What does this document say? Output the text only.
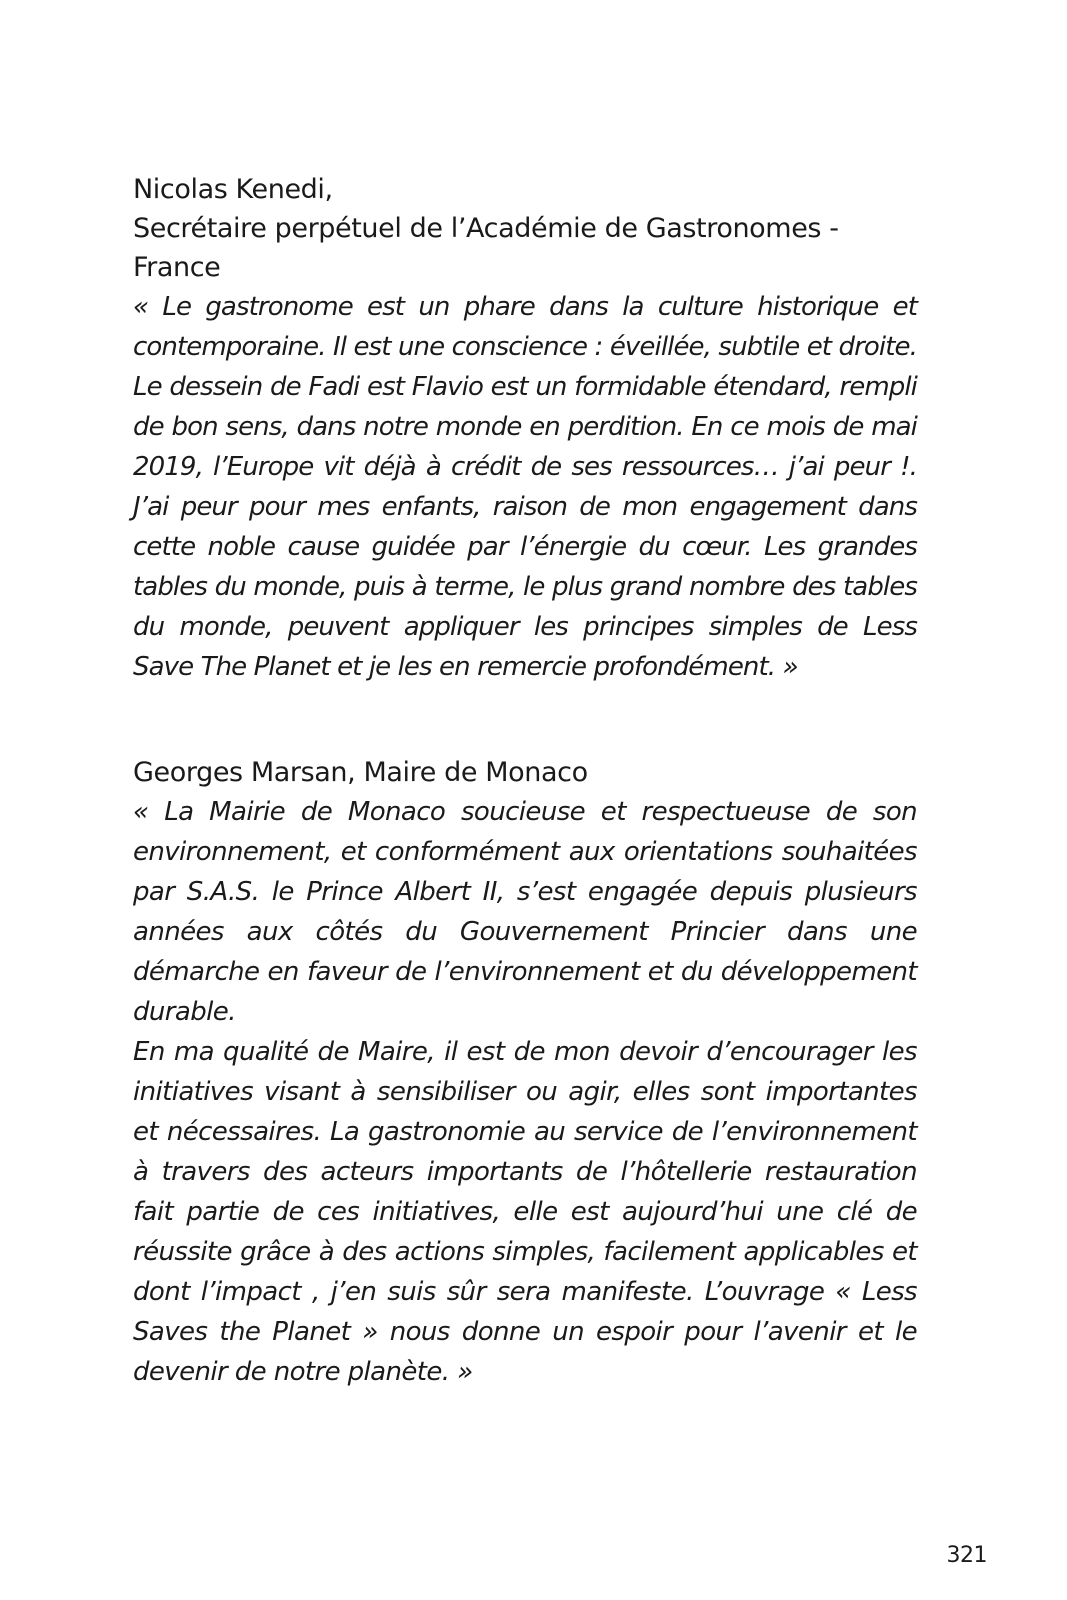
Nicolas Kenedi,
Secrétaire perpétuel de l’Académie de Gastronomes -
France

« Le gastronome est un phare dans la culture historique et contemporaine. Il est une conscience : éveillée, subtile et droite. Le dessein de Fadi est Flavio est un formidable étendard, rempli de bon sens, dans notre monde en perdition. En ce mois de mai 2019, l’Europe vit déjà à crédit de ses ressources… j’ai peur !. J’ai peur pour mes enfants, raison de mon engagement dans cette noble cause guidée par l’énergie du cœur. Les grandes tables du monde, puis à terme, le plus grand nombre des tables du monde, peuvent appliquer les principes simples de Less Save The Planet et je les en remercie profondément. »

Georges Marsan, Maire de Monaco

« La Mairie de Monaco soucieuse et respectueuse de son environnement, et conformément aux orientations souhaitées par S.A.S. le Prince Albert II, s’est engagée depuis plusieurs années aux côtés du Gouvernement Princier dans une démarche en faveur de l’environnement et du développement durable.

En ma qualité de Maire, il est de mon devoir d’encourager les initiatives visant à sensibiliser ou agir, elles sont importantes et nécessaires. La gastronomie au service de l’environnement à travers des acteurs importants de l’hôtellerie restauration fait partie de ces initiatives, elle est aujourd’hui une clé de réussite grâce à des actions simples, facilement applicables et dont l’impact , j’en suis sûr sera manifeste. L’ouvrage « Less Saves the Planet » nous donne un espoir pour l’avenir et le devenir de notre planète. »

321
